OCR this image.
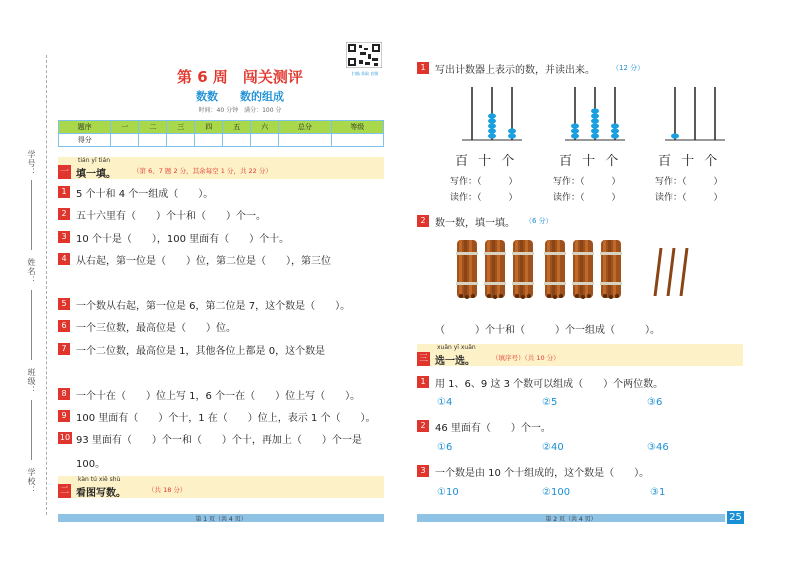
学号：
姓名：
班级：
学校：
第 6 周　闯关测评
数数　　数的组成
时间：40 分钟　满分：100 分
扫描 获取 音频
题序	一	二	三	四	五	六	总分	等级
得分								
tián yī tián
一 填一填。	（第 6、7 题 2 分，其余每空 1 分，共 22 分）
1 5 个十和 4 个一组成（　　）。
2 五十六里有（　　）个十和（　　）个一。
3 10 个十是（　　），100 里面有（　　）个十。
4 从右起，第一位是（　　）位，第二位是（　　），第三位
5 一个数从右起，第一位是 6，第二位是 7，这个数是（　　）。
6 一个三位数，最高位是（　　）位。
7 一个二位数，最高位是 1，其他各位上都是 0，这个数是
8 一个十在（　　）位上写 1，6 个一在（　　）位上写（　　）。
9 100 里面有（　　）个十，1 在（　　）位上，表示 1 个（　　）。
10 93 里面有（　　）个一和（　　）个十，再加上（　　）个一是
100。
kàn tú xiě shù
二 看图写数。	（共 18 分）
第 1 页（共 4 页）	第 2 页（共 4 页）	25
1 写出计数器上表示的数，并读出来。 （12 分）
百 十 个	百 十 个	百 十 个
写作：（　　　）
读作：（　　　）
写作：（　　　）
读作：（　　　）
写作：（　　　）
读作：（　　　）
2 数一数，填一填。 （6 分）
（　　　）个十和（　　　）个一组成（　　　）。
xuǎn yī xuǎn
三 选一选。	（填序号）（共 10 分）
1 用 1、6、9 这 3 个数可以组成（　　）个两位数。
①4	②5	③6
2 46 里面有（　　）个一。
①6	②40	③46
3 一个数是由 10 个十组成的，这个数是（　　）。
①10	②100	③1
